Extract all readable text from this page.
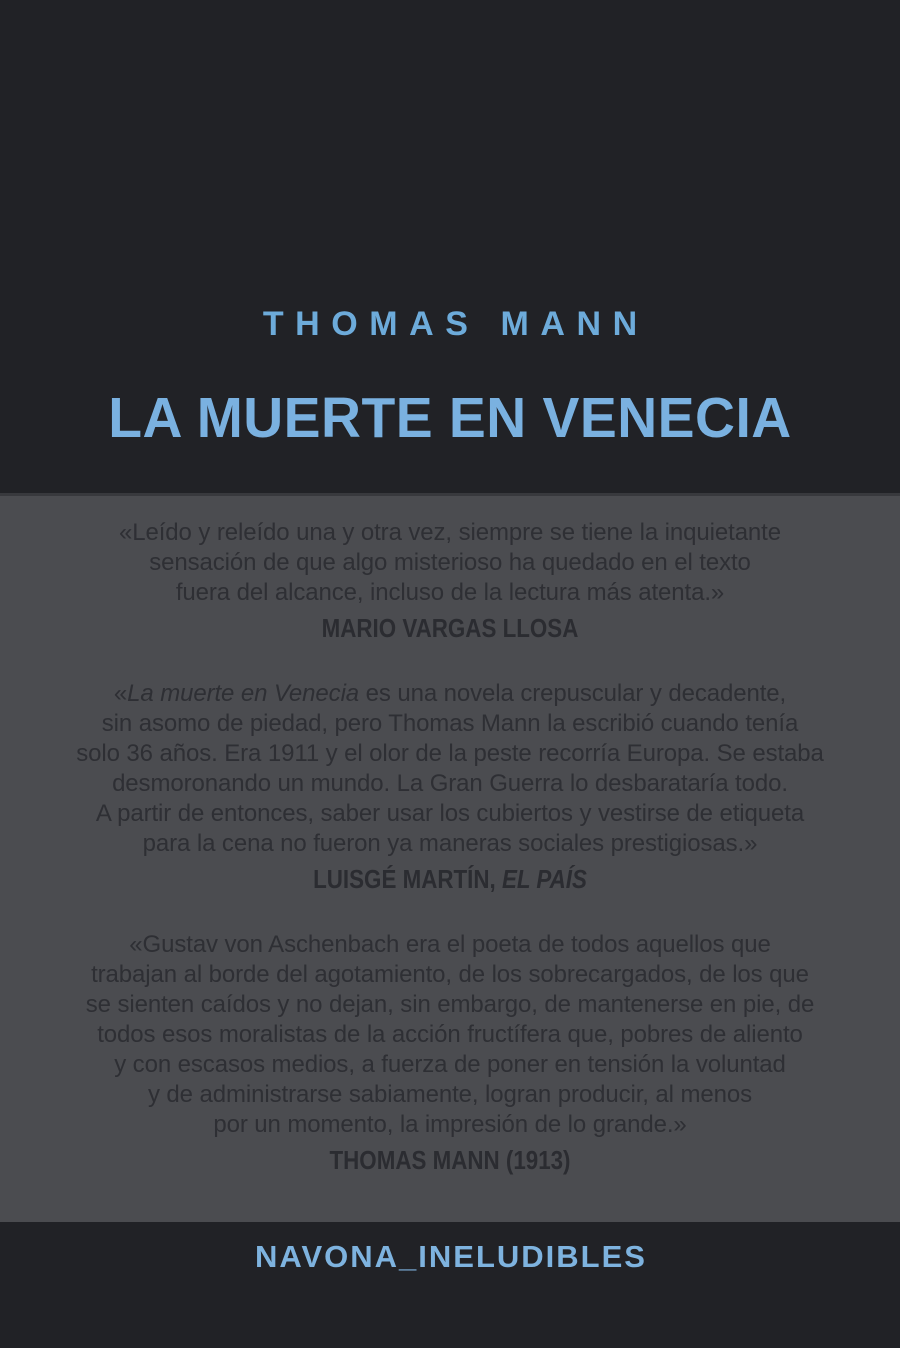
THOMAS MANN
LA MUERTE EN VENECIA
«Leído y releído una y otra vez, siempre se tiene la inquietante
sensación de que algo misterioso ha quedado en el texto
fuera del alcance, incluso de la lectura más atenta.»
MARIO VARGAS LLOSA
«La muerte en Venecia es una novela crepuscular y decadente,
sin asomo de piedad, pero Thomas Mann la escribió cuando tenía
solo 36 años. Era 1911 y el olor de la peste recorría Europa. Se estaba
desmoronando un mundo. La Gran Guerra lo desbarataría todo.
A partir de entonces, saber usar los cubiertos y vestirse de etiqueta
para la cena no fueron ya maneras sociales prestigiosas.»
LUISGÉ MARTÍN, EL PAÍS
«Gustav von Aschenbach era el poeta de todos aquellos que
trabajan al borde del agotamiento, de los sobrecargados, de los que
se sienten caídos y no dejan, sin embargo, de mantenerse en pie, de
todos esos moralistas de la acción fructífera que, pobres de aliento
y con escasos medios, a fuerza de poner en tensión la voluntad
y de administrarse sabiamente, logran producir, al menos
por un momento, la impresión de lo grande.»
THOMAS MANN (1913)
NAVONA_INELUDIBLES
